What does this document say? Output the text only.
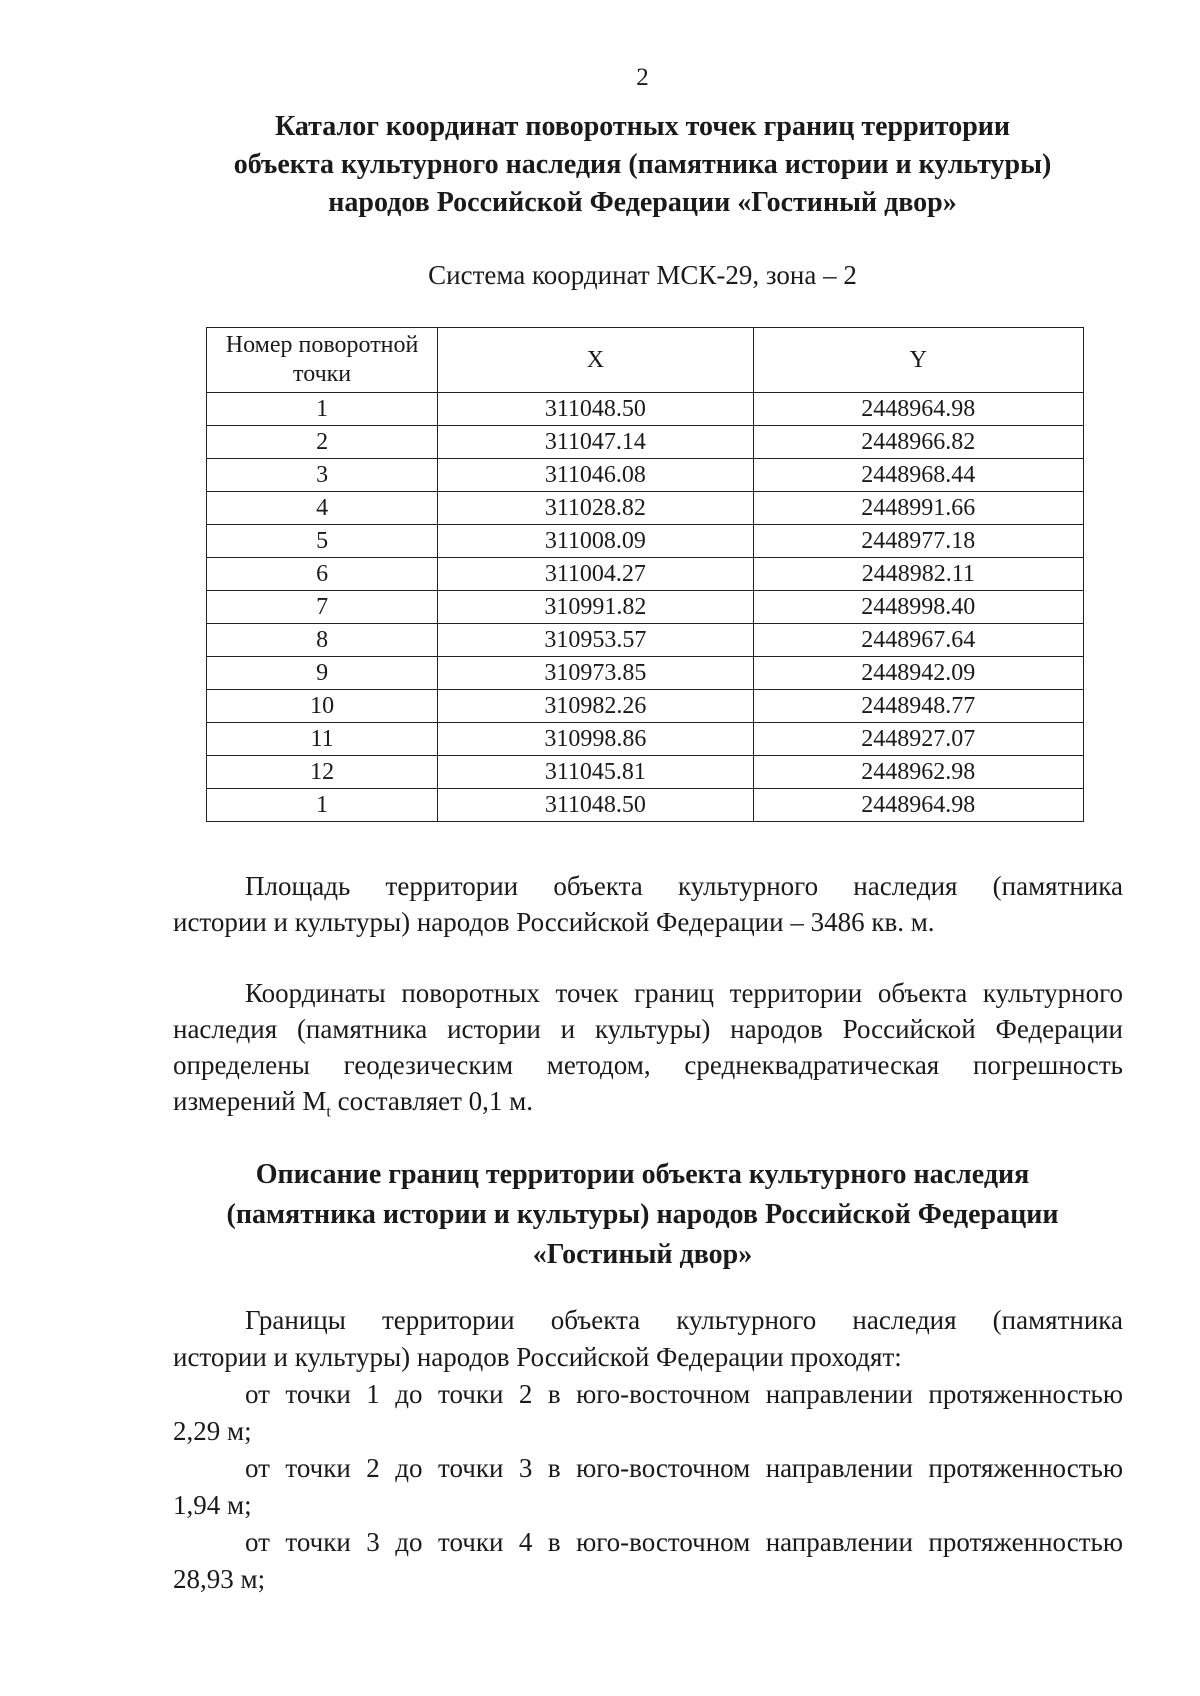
2
Каталог координат поворотных точек границ территории
объекта культурного наследия (памятника истории и культуры)
народов Российской Федерации «Гостиный двор»
Система координат МСК-29, зона – 2
Номер поворотной точки	X	Y
1	311048.50	2448964.98
2	311047.14	2448966.82
3	311046.08	2448968.44
4	311028.82	2448991.66
5	311008.09	2448977.18
6	311004.27	2448982.11
7	310991.82	2448998.40
8	310953.57	2448967.64
9	310973.85	2448942.09
10	310982.26	2448948.77
11	310998.86	2448927.07
12	311045.81	2448962.98
1	311048.50	2448964.98
Площадь территории объекта культурного наследия (памятника
истории и культуры) народов Российской Федерации – 3486 кв. м.
Координаты поворотных точек границ территории объекта культурного
наследия (памятника истории и культуры) народов Российской Федерации
определены геодезическим методом, среднеквадратическая погрешность
измерений $M_t$ составляет 0,1 м.
Описание границ территории объекта культурного наследия
(памятника истории и культуры) народов Российской Федерации
«Гостиный двор»
Границы территории объекта культурного наследия (памятника
истории и культуры) народов Российской Федерации проходят:
от точки 1 до точки 2 в юго-восточном направлении протяженностью
2,29 м;
от точки 2 до точки 3 в юго-восточном направлении протяженностью
1,94 м;
от точки 3 до точки 4 в юго-восточном направлении протяженностью
28,93 м;
